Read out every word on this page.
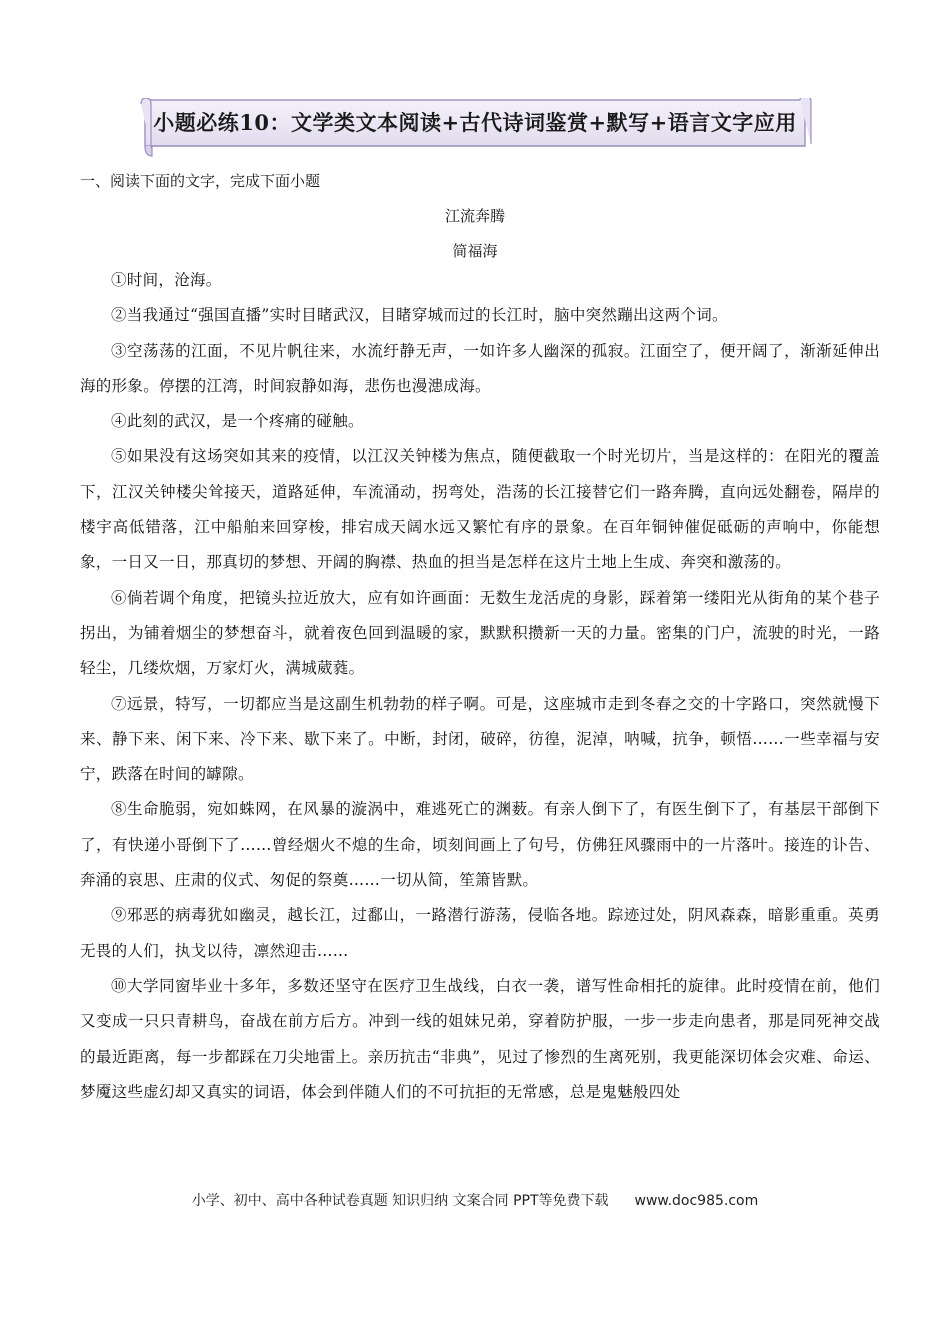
小题必练10：文学类文本阅读+古代诗词鉴赏+默写+语言文字应用
一、阅读下面的文字，完成下面小题
江流奔腾
简福海

①时间，沧海。

②当我通过“强国直播”实时目睹武汉，目睹穿城而过的长江时，脑中突然蹦出这两个词。

③空荡荡的江面，不见片帆往来，水流纡静无声，一如许多人幽深的孤寂。江面空了，便开阔了，渐渐延伸出海的形象。停摆的江湾，时间寂静如海，悲伤也漫漶成海。

④此刻的武汉，是一个疼痛的碰触。

⑤如果没有这场突如其来的疫情，以江汉关钟楼为焦点，随便截取一个时光切片，当是这样的：在阳光的覆盖下，江汉关钟楼尖耸接天，道路延伸，车流涌动，拐弯处，浩荡的长江接替它们一路奔腾，直向远处翻卷，隔岸的楼宇高低错落，江中船舶来回穿梭，排宕成天阔水远又繁忙有序的景象。在百年铜钟催促砥砺的声响中，你能想象，一日又一日，那真切的梦想、开阔的胸襟、热血的担当是怎样在这片土地上生成、奔突和激荡的。

⑥倘若调个角度，把镜头拉近放大，应有如许画面：无数生龙活虎的身影，踩着第一缕阳光从街角的某个巷子拐出，为铺着烟尘的梦想奋斗，就着夜色回到温暖的家，默默积攒新一天的力量。密集的门户，流驶的时光，一路轻尘，几缕炊烟，万家灯火，满城葳蕤。

⑦远景，特写，一切都应当是这副生机勃勃的样子啊。可是，这座城市走到冬春之交的十字路口，突然就慢下来、静下来、闲下来、冷下来、歇下来了。中断，封闭，破碎，彷徨，泥淖，呐喊，抗争，顿悟……一些幸福与安宁，跌落在时间的罅隙。

⑧生命脆弱，宛如蛛网，在风暴的漩涡中，难逃死亡的渊薮。有亲人倒下了，有医生倒下了，有基层干部倒下了，有快递小哥倒下了……曾经烟火不熄的生命，顷刻间画上了句号，仿佛狂风骤雨中的一片落叶。接连的讣告、奔涌的哀思、庄肃的仪式、匆促的祭奠……一切从简，笙箫皆默。

⑨邪恶的病毒犹如幽灵，越长江，过鄱山，一路潜行游荡，侵临各地。踪迹过处，阴风森森，暗影重重。英勇无畏的人们，执戈以待，凛然迎击……

⑩大学同窗毕业十多年，多数还坚守在医疗卫生战线，白衣一袭，谱写性命相托的旋律。此时疫情在前，他们又变成一只只青耕鸟，奋战在前方后方。冲到一线的姐妹兄弟，穿着防护服，一步一步走向患者，那是同死神交战的最近距离，每一步都踩在刀尖地雷上。亲历抗击“非典”，见过了惨烈的生离死别，我更能深切体会灾难、命运、梦魇这些虚幻却又真实的词语，体会到伴随人们的不可抗拒的无常感，总是鬼魅般四处

小学、初中、高中各种试卷真题 知识归纳 文案合同 PPT等免费下载 www.doc985.com
